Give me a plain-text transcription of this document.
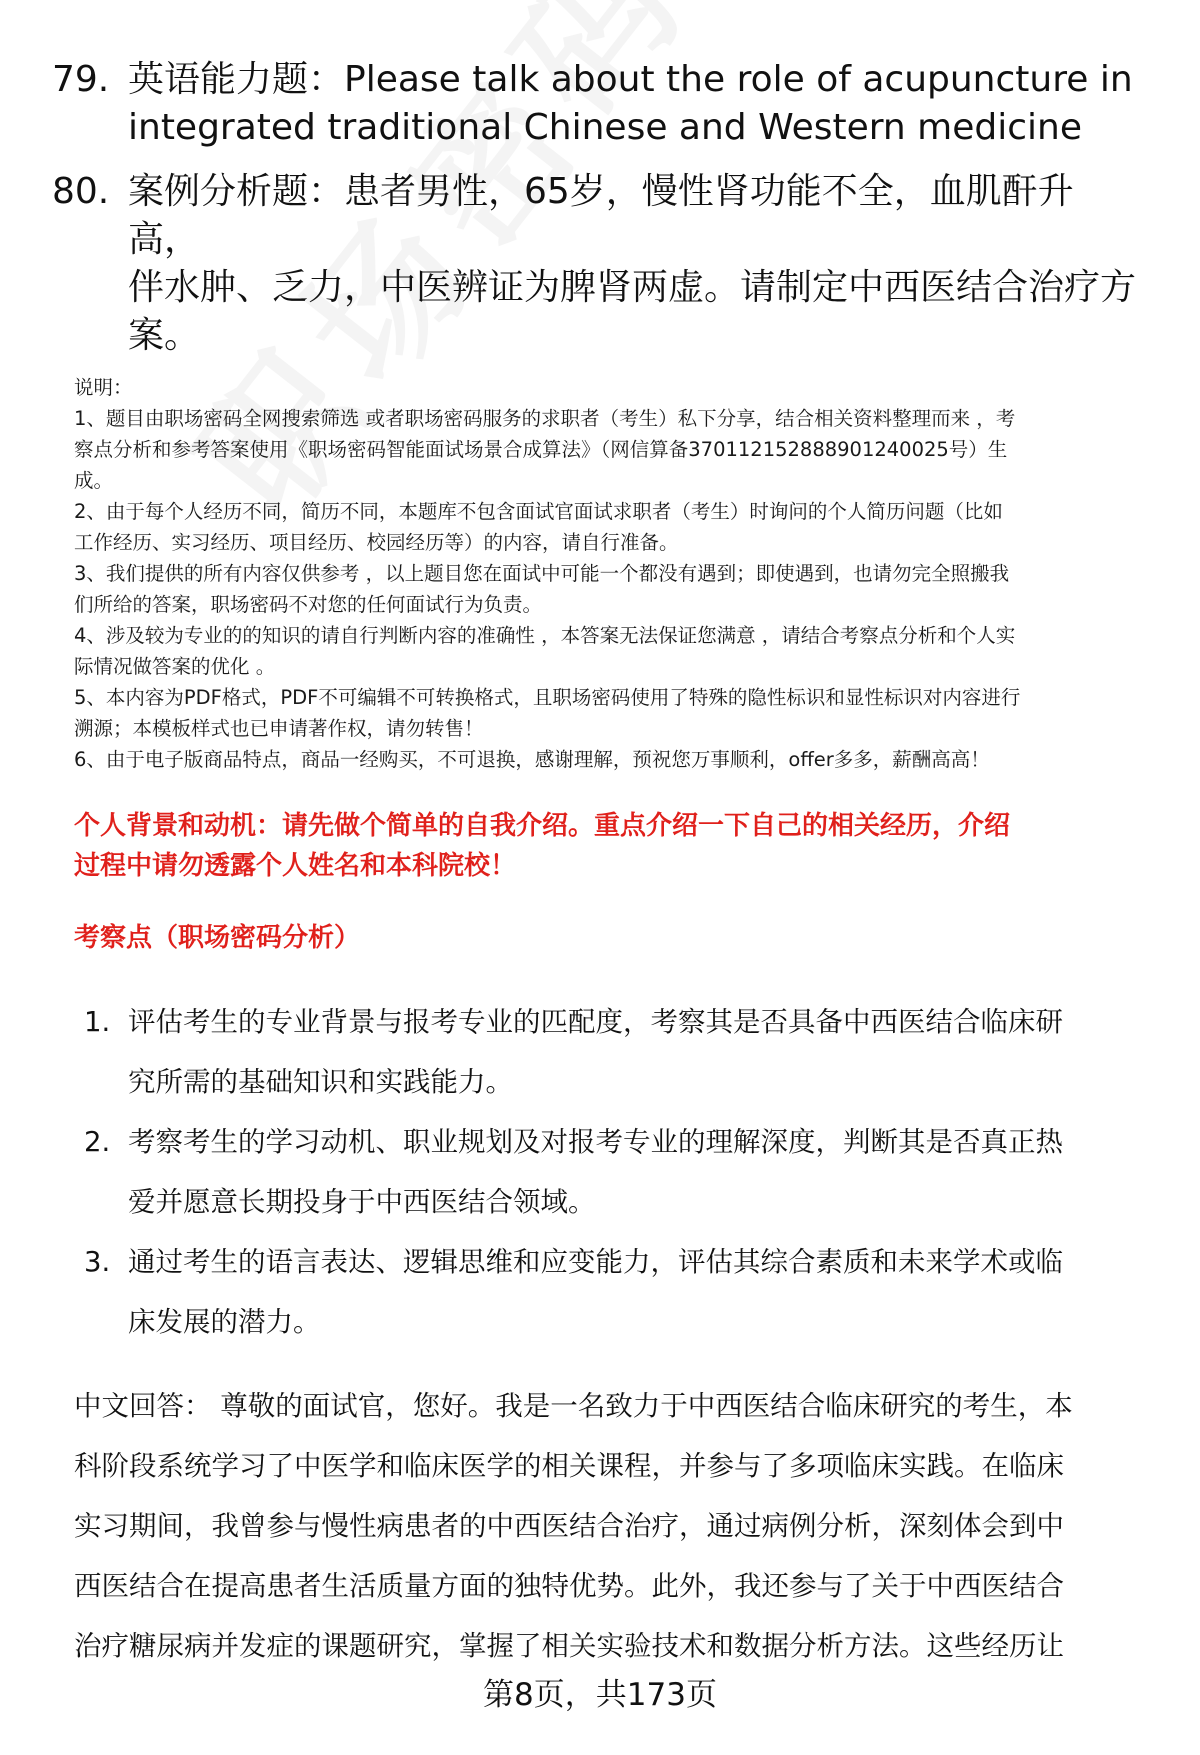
79. 英语能力题：Please talk about the role of acupuncture in
integrated traditional Chinese and Western medicine
80. 案例分析题：患者男性，65岁，慢性肾功能不全，血肌酐升高，
伴水肿、乏力，中医辨证为脾肾两虚。请制定中西医结合治疗方
案。

说明：

1、题目由职场密码全网搜索筛选 或者职场密码服务的求职者（考生）私下分享，结合相关资料整理而来 ，考

察点分析和参考答案使用《职场密码智能面试场景合成算法》（网信算备370112152888901240025号）生

成。

2、由于每个人经历不同，简历不同，本题库不包含面试官面试求职者（考生）时询问的个人简历问题（比如

工作经历、实习经历、项目经历、校园经历等）的内容，请自行准备。

3、我们提供的所有内容仅供参考 ，以上题目您在面试中可能一个都没有遇到；即使遇到，也请勿完全照搬我

们所给的答案，职场密码不对您的任何面试行为负责。

4、涉及较为专业的的知识的请自行判断内容的准确性 ，本答案无法保证您满意 ，请结合考察点分析和个人实

际情况做答案的优化 。

5、本内容为PDF格式，PDF不可编辑不可转换格式，且职场密码使用了特殊的隐性标识和显性标识对内容进行

溯源；本模板样式也已申请著作权，请勿转售！

6、由于电子版商品特点，商品一经购买，不可退换，感谢理解，预祝您万事顺利，offer多多，薪酬高高！

个人背景和动机：请先做个简单的自我介绍。重点介绍一下自己的相关经历，介绍
过程中请勿透露个人姓名和本科院校！
考察点（职场密码分析）
1. 评估考生的专业背景与报考专业的匹配度，考察其是否具备中西医结合临床研
究所需的基础知识和实践能力。
2. 考察考生的学习动机、职业规划及对报考专业的理解深度，判断其是否真正热
爱并愿意长期投身于中西医结合领域。
3. 通过考生的语言表达、逻辑思维和应变能力，评估其综合素质和未来学术或临
床发展的潜力。
中文回答： 尊敬的面试官，您好。我是一名致力于中西医结合临床研究的考生，本
科阶段系统学习了中医学和临床医学的相关课程，并参与了多项临床实践。在临床
实习期间，我曾参与慢性病患者的中西医结合治疗，通过病例分析，深刻体会到中
西医结合在提高患者生活质量方面的独特优势。此外，我还参与了关于中西医结合
治疗糖尿病并发症的课题研究，掌握了相关实验技术和数据分析方法。这些经历让
第8页，共173页
